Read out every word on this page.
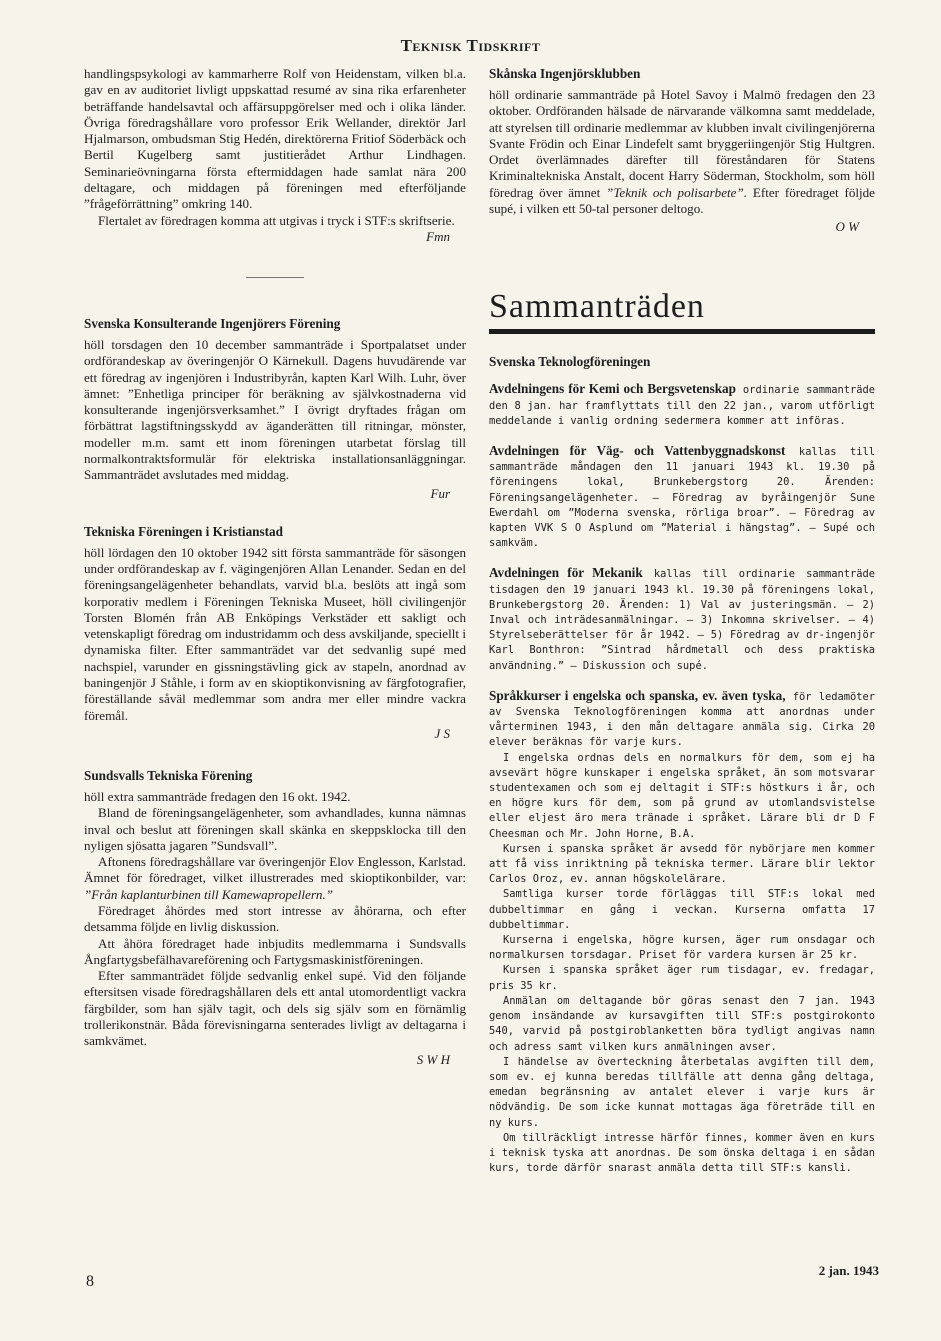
Teknisk Tidskrift

handlingspsykologi av kammarherre Rolf von Heidenstam, vilken bl.a. gav en av auditoriet livligt uppskattad resumé av sina rika erfarenheter beträffande handelsavtal och affärsuppgörelser med och i olika länder. Övriga föredragshållare voro professor Erik Wellander, direktör Jarl Hjalmarson, ombudsman Stig Hedén, direktörerna Fritiof Söderbäck och Bertil Kugelberg samt justitierådet Arthur Lindhagen. Seminarieövningarna första eftermiddagen hade samlat nära 200 deltagare, och middagen på föreningen med efterföljande ”frågeförrättning” omkring 140.

Flertalet av föredragen komma att utgivas i tryck i STF:s skriftserie.

Fmn
Svenska Konsulterande Ingenjörers Förening

höll torsdagen den 10 december sammanträde i Sportpalatset under ordförandeskap av överingenjör O Kärnekull. Dagens huvudärende var ett föredrag av ingenjören i Industribyrån, kapten Karl Wilh. Luhr, över ämnet: ”Enhetliga principer för beräkning av självkostnaderna vid konsulterande ingenjörsverksamhet.” I övrigt dryftades frågan om förbättrat lagstiftningsskydd av äganderätten till ritningar, mönster, modeller m.m. samt ett inom föreningen utarbetat förslag till normalkontraktsformulär för elektriska installationsanläggningar. Sammanträdet avslutades med middag.

Fur
Tekniska Föreningen i Kristianstad

höll lördagen den 10 oktober 1942 sitt första sammanträde för säsongen under ordförandeskap av f. vägingenjören Allan Lenander. Sedan en del föreningsangelägenheter behandlats, varvid bl.a. beslöts att ingå som korporativ medlem i Föreningen Tekniska Museet, höll civilingenjör Torsten Blomén från AB Enköpings Verkstäder ett sakligt och vetenskapligt föredrag om industridamm och dess avskiljande, speciellt i dynamiska filter. Efter sammanträdet var det sedvanlig supé med nachspiel, varunder en gissningstävling gick av stapeln, anordnad av baningenjör J Ståhle, i form av en skioptikonvisning av färgfotografier, föreställande såväl medlemmar som andra mer eller mindre vackra föremål.

J S
Sundsvalls Tekniska Förening

höll extra sammanträde fredagen den 16 okt. 1942.

Bland de föreningsangelägenheter, som avhandlades, kunna nämnas inval och beslut att föreningen skall skänka en skeppsklocka till den nyligen sjösatta jagaren ”Sundsvall”.

Aftonens föredragshållare var överingenjör Elov Englesson, Karlstad. Ämnet för föredraget, vilket illustrerades med skioptikonbilder, var: ”Från kaplanturbinen till Kamewapropellern.”

Föredraget åhördes med stort intresse av åhörarna, och efter detsamma följde en livlig diskussion.

Att åhöra föredraget hade inbjudits medlemmarna i Sundsvalls Ångfartygsbefälhavareförening och Fartygsmaskinistföreningen.

Efter sammanträdet följde sedvanlig enkel supé. Vid den följande eftersitsen visade föredragshållaren dels ett antal utomordentligt vackra färgbilder, som han själv tagit, och dels sig själv som en förnämlig trollerikonstnär. Båda förevisningarna senterades livligt av deltagarna i samkvämet.

S W H
Skånska Ingenjörsklubben

höll ordinarie sammanträde på Hotel Savoy i Malmö fredagen den 23 oktober. Ordföranden hälsade de närvarande välkomna samt meddelade, att styrelsen till ordinarie medlemmar av klubben invalt civilingenjörerna Svante Frödin och Einar Lindefelt samt bryggeriingenjör Stig Hultgren. Ordet överlämnades därefter till föreståndaren för Statens Kriminaltekniska Anstalt, docent Harry Söderman, Stockholm, som höll föredrag över ämnet ”Teknik och polisarbete”. Efter föredraget följde supé, i vilken ett 50-tal personer deltogo.

O W
Sammanträden
Svenska Teknologföreningen

Avdelningens för Kemi och Bergsvetenskap ordinarie sammanträde den 8 jan. har framflyttats till den 22 jan., varom utförligt meddelande i vanlig ordning sedermera kommer att införas.

Avdelningen för Väg- och Vattenbyggnadskonst kallas till sammanträde måndagen den 11 januari 1943 kl. 19.30 på föreningens lokal, Brunkebergstorg 20. Ärenden: Föreningsangelägenheter. — Föredrag av byråingenjör Sune Ewerdahl om ”Moderna svenska, rörliga broar”. — Föredrag av kapten VVK S O Asplund om ”Material i hängstag”. — Supé och samkväm.

Avdelningen för Mekanik kallas till ordinarie sammanträde tisdagen den 19 januari 1943 kl. 19.30 på föreningens lokal, Brunkebergstorg 20. Ärenden: 1) Val av justeringsmän. — 2) Inval och inträdesanmälningar. — 3) Inkomna skrivelser. — 4) Styrelseberättelser för år 1942. — 5) Föredrag av dr-ingenjör Karl Bonthron: ”Sintrad hårdmetall och dess praktiska användning.” — Diskussion och supé.

Språkkurser i engelska och spanska, ev. även tyska, för ledamöter av Svenska Teknologföreningen komma att anordnas under vårterminen 1943, i den mån deltagare anmäla sig. Cirka 20 elever beräknas för varje kurs.

I engelska ordnas dels en normalkurs för dem, som ej ha avsevärt högre kunskaper i engelska språket, än som motsvarar studentexamen och som ej deltagit i STF:s höstkurs i år, och en högre kurs för dem, som på grund av utomlandsvistelse eller eljest äro mera tränade i språket. Lärare bli dr D F Cheesman och Mr. John Horne, B.A.

Kursen i spanska språket är avsedd för nybörjare men kommer att få viss inriktning på tekniska termer. Lärare blir lektor Carlos Oroz, ev. annan högskolelärare.

Samtliga kurser torde förläggas till STF:s lokal med dubbeltimmar en gång i veckan. Kurserna omfatta 17 dubbeltimmar.

Kurserna i engelska, högre kursen, äger rum onsdagar och normalkursen torsdagar. Priset för vardera kursen är 25 kr.

Kursen i spanska språket äger rum tisdagar, ev. fredagar, pris 35 kr.

Anmälan om deltagande bör göras senast den 7 jan. 1943 genom insändande av kursavgiften till STF:s postgirokonto 540, varvid på postgiroblanketten böra tydligt angivas namn och adress samt vilken kurs anmälningen avser.

I händelse av överteckning återbetalas avgiften till dem, som ev. ej kunna beredas tillfälle att denna gång deltaga, emedan begränsning av antalet elever i varje kurs är nödvändig. De som icke kunnat mottagas äga företräde till en ny kurs.

Om tillräckligt intresse härför finnes, kommer även en kurs i teknisk tyska att anordnas. De som önska deltaga i en sådan kurs, torde därför snarast anmäla detta till STF:s kansli.

8
2 jan. 1943
